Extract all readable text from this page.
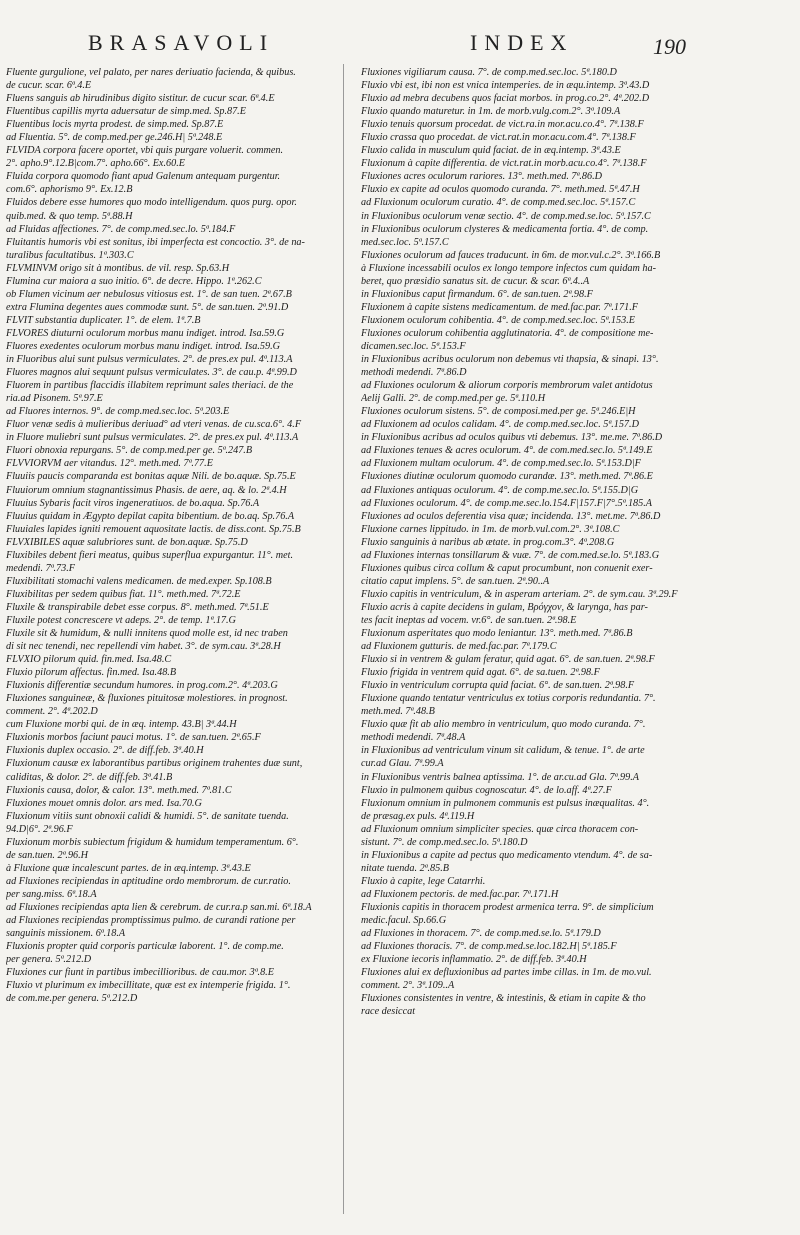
BRASAVOLI	INDEX	190
Fluente gurgulione, vel palato, per nares deriuatio facienda, & quibus.
de cucur. scar. 6ª.4.E
Fluens sanguis ab hirudinibus digito sistitur. de cucur scar. 6ª.4.E
Fluentibus capillis myrta aduersatur de simp.med. Sp.87.E
Fluentibus locis myrta prodest. de simp.med. Sp.87.E
ad Fluentia. 5°. de comp.med.per ge.246.H| 5ª.248.E
FLVIDA corpora facere oportet, vbi quis purgare voluerit. commen.
2°. apho.9°.12.B|com.7°. apho.66°. Ex.60.E
Fluida corpora quomodo fiant apud Galenum antequam purgentur.
com.6°. aphorismo 9°. Ex.12.B
Fluidos debere esse humores quo modo intelligendum. quos purg. opor.
quib.med. & quo temp. 5ª.88.H
ad Fluidas affectiones. 7°. de comp.med.sec.lo. 5ª.184.F
Fluitantis humoris vbi est sonitus, ibi imperfecta est concoctio. 3°. de na-
turalibus facultatibus. 1ª.303.C
FLVMINVM origo sit à montibus. de vil. resp. Sp.63.H
Flumina cur maiora a suo initio. 6°. de decre. Hippo. 1ª.262.C
ob Flumen vicinum aer nebulosus vitiosus est. 1°. de san tuen. 2ª.67.B
extra Flumina degentes aues commodæ sunt. 5°. de san.tuen. 2ª.91.D
FLVIT substantia duplicater. 1°. de elem. 1ª.7.B
FLVORES diuturni oculorum morbus manu indiget. introd. Isa.59.G
Fluores exedentes oculorum morbus manu indiget. introd. Isa.59.G
in Fluoribus alui sunt pulsus vermiculates. 2°. de pres.ex pul. 4ª.113.A
Fluores magnos alui sequunt pulsus vermiculates. 3°. de cau.p. 4ª.99.D
Fluorem in partibus flaccidis illabitem reprimunt sales theriaci. de the
ria.ad Pisonem. 5ª.97.E
ad Fluores internos. 9°. de comp.med.sec.loc. 5ª.203.E
Fluor venæ sedis à mulieribus deriuad° ad vteri venas. de cu.sca.6°. 4.F
in Fluore muliebri sunt pulsus vermiculates. 2°. de pres.ex pul. 4ª.113.A
Fluori obnoxia repurgans. 5°. de comp.med.per ge. 5ª.247.B
FLVVIORVM aer vitandus. 12°. meth.med. 7ª.77.E
Fluuiis paucis comparanda est bonitas aquæ Nili. de bo.aquæ. Sp.75.E
Fluuiorum omnium stagnantissimus Phasis. de aere, aq. & lo. 2ª.4.H
Fluuius Sybaris facit viros ingeneratiuos. de bo.aqua. Sp.76.A
Fluuius quidam in Ægypto depilat capita bibentium. de bo.aq. Sp.76.A
Fluuiales lapides igniti remouent aquositate lactis. de diss.cont. Sp.75.B
FLVXIBILES aquæ salubriores sunt. de bon.aquæ. Sp.75.D
Fluxibiles debent fieri meatus, quibus superflua expurgantur. 11°. met.
medendi. 7ª.73.F
Fluxibilitati stomachi valens medicamen. de med.exper. Sp.108.B
Fluxibilitas per sedem quibus fiat. 11°. meth.med. 7ª.72.E
Fluxile & transpirabile debet esse corpus. 8°. meth.med. 7ª.51.E
Fluxile potest concrescere vt adeps. 2°. de temp. 1ª.17.G
Fluxile sit & humidum, & nulli innitens quod molle est, id nec traben
di sit nec tenendi, nec repellendi vim habet. 3°. de sym.cau. 3ª.28.H
FLVXIO pilorum quid. fin.med. Isa.48.C
Fluxio pilorum affectus. fin.med. Isa.48.B
Fluxionis differentiæ secundum humores. in prog.com.2°. 4ª.203.G
Fluxiones sanguineæ, & fluxiones pituitosæ molestiores. in prognost.
comment. 2°. 4ª.202.D
cum Fluxione morbi qui. de in æq. intemp. 43.B| 3ª.44.H
Fluxionis morbos faciunt pauci motus. 1°. de san.tuen. 2ª.65.F
Fluxionis duplex occasio. 2°. de diff.feb. 3ª.40.H
Fluxionum causæ ex laborantibus partibus originem trahentes duæ sunt,
caliditas, & dolor. 2°. de diff.feb. 3ª.41.B
Fluxionis causa, dolor, & calor. 13°. meth.med. 7ª.81.C
Fluxiones mouet omnis dolor. ars med. Isa.70.G
Fluxionum vitiis sunt obnoxii calidi & humidi. 5°. de sanitate tuenda.
94.D|6°. 2ª.96.F
Fluxionum morbis subiectum frigidum & humidum temperamentum. 6°.
de san.tuen. 2ª.96.H
à Fluxione quæ incalescunt partes. de in æq.intemp. 3ª.43.E
ad Fluxiones recipiendas in aptitudine ordo membrorum. de cur.ratio.
per sang.miss. 6ª.18.A
ad Fluxiones recipiendas apta lien & cerebrum. de cur.ra.p san.mi. 6ª.18.A
ad Fluxiones recipiendas promptissimus pulmo. de curandi ratione per
sanguinis missionem. 6ª.18.A
Fluxionis propter quid corporis particulæ laborent. 1°. de comp.me.
per genera. 5ª.212.D
Fluxiones cur fiunt in partibus imbecillioribus. de cau.mor. 3ª.8.E
Fluxio vt plurimum ex imbecillitate, quæ est ex intemperie frigida. 1°.
de com.me.per genera. 5ª.212.D
Fluxiones vigiliarum causa. 7°. de comp.med.sec.loc. 5ª.180.D
Fluxio vbi est, ibi non est vnica intemperies. de in æqu.intemp. 3ª.43.D
Fluxio ad mebra decubens quos faciat morbos. in prog.co.2°. 4ª.202.D
Fluxio quando maturetur. in 1m. de morb.vulg.com.2°. 3ª.109.A
Fluxio tenuis quorsum procedat. de vict.ra.in mor.acu.co.4°. 7ª.138.F
Fluxio crassa quo procedat. de vict.rat.in mor.acu.com.4°. 7ª.138.F
Fluxio calida in musculum quid faciat. de in æq.intemp. 3ª.43.E
Fluxionum à capite differentia. de vict.rat.in morb.acu.co.4°. 7ª.138.F
Fluxiones acres oculorum rariores. 13°. meth.med. 7ª.86.D
Fluxio ex capite ad oculos quomodo curanda. 7°. meth.med. 5ª.47.H
ad Fluxionum oculorum curatio. 4°. de comp.med.sec.loc. 5ª.157.C
in Fluxionibus oculorum venæ sectio. 4°. de comp.med.se.loc. 5ª.157.C
in Fluxionibus oculorum clysteres & medicamenta fortia. 4°. de comp.
med.sec.loc. 5ª.157.C
Fluxiones oculorum ad fauces traducunt. in 6m. de mor.vul.c.2°. 3ª.166.B
à Fluxione incessabili oculos ex longo tempore infectos cum quidam ha-
beret, quo præsidio sanatus sit. de cucur. & scar. 6ª.4..A
in Fluxionibus caput firmandum. 6°. de san.tuen. 2ª.98.F
Fluxionem à capite sistens medicamentum. de med.fac.par. 7ª.171.F
Fluxionem oculorum cohibentia. 4°. de comp.med.sec.loc. 5ª.153.E
Fluxiones oculorum cohibentia agglutinatoria. 4°. de compositione me-
dicamen.sec.loc. 5ª.153.F
in Fluxionibus acribus oculorum non debemus vti thapsia, & sinapi. 13°.
methodi medendi. 7ª.86.D
ad Fluxiones oculorum & aliorum corporis membrorum valet antidotus
Aelij Galli. 2°. de comp.med.per ge. 5ª.110.H
Fluxiones oculorum sistens. 5°. de composi.med.per ge. 5ª.246.E|H
ad Fluxionem ad oculos calidam. 4°. de comp.med.sec.loc. 5ª.157.D
in Fluxionibus acribus ad oculos quibus vti debemus. 13°. me.me. 7ª.86.D
ad Fluxiones tenues & acres oculorum. 4°. de com.med.sec.lo. 5ª.149.E
ad Fluxionem multam oculorum. 4°. de comp.med.sec.lo. 5ª.153.D|F
Fluxiones diutinæ oculorum quomodo curandæ. 13°. meth.med. 7ª.86.E
ad Fluxiones antiquas oculorum. 4°. de comp.me.sec.lo. 5ª.155.D|G
ad Fluxiones oculorum. 4°. de comp.me.sec.lo.154.F|157.F|7°.5ª.185.A
Fluxiones ad oculos deferentia visa quæ; incidenda. 13°. met.me. 7ª.86.D
Fluxione carnes lippitudo. in 1m. de morb.vul.com.2°. 3ª.108.C
Fluxio sanguinis à naribus ab ætate. in prog.com.3°. 4ª.208.G
ad Fluxiones internas tonsillarum & vuæ. 7°. de com.med.se.lo. 5ª.183.G
Fluxiones quibus circa collum & caput procumbunt, non conuenit exer-
citatio caput implens. 5°. de san.tuen. 2ª.90..A
Fluxio capitis in ventriculum, & in asperam arteriam. 2°. de sym.cau. 3ª.29.F
Fluxio acris à capite decidens in gulam, Βρόγχον, & larynga, has par-
tes facit ineptas ad vocem. vr.6°. de san.tuen. 2ª.98.E
Fluxionum asperitates quo modo leniantur. 13°. meth.med. 7ª.86.B
ad Fluxionem gutturis. de med.fac.par. 7ª.179.C
Fluxio si in ventrem & gulam feratur, quid agat. 6°. de san.tuen. 2ª.98.F
Fluxio frigida in ventrem quid agat. 6°. de sa.tuen. 2ª.98.F
Fluxio in ventriculum corrupta quid faciat. 6°. de san.tuen. 2ª.98.F
Fluxione quando tentatur ventriculus ex totius corporis redundantia. 7°.
meth.med. 7ª.48.B
Fluxio quæ fit ab alio membro in ventriculum, quo modo curanda. 7°.
methodi medendi. 7ª.48.A
in Fluxionibus ad ventriculum vinum sit calidum, & tenue. 1°. de arte
cur.ad Glau. 7ª.99.A
in Fluxionibus ventris balnea aptissima. 1°. de ar.cu.ad Gla. 7ª.99.A
Fluxio in pulmonem quibus cognoscatur. 4°. de lo.aff. 4ª.27.F
Fluxionum omnium in pulmonem communis est pulsus inæqualitas. 4°.
de præsag.ex puls. 4ª.119.H
ad Fluxionum omnium simpliciter species. quæ circa thoracem con-
sistunt. 7°. de comp.med.sec.lo. 5ª.180.D
in Fluxionibus a capite ad pectus quo medicamento vtendum. 4°. de sa-
nitate tuenda. 2ª.85.B
Fluxio à capite, lege Catarrhi.
ad Fluxionem pectoris. de med.fac.par. 7ª.171.H
Fluxionis capitis in thoracem prodest armenica terra. 9°. de simplicium
medic.facul. Sp.66.G
ad Fluxiones in thoracem. 7°. de comp.med.se.lo. 5ª.179.D
ad Fluxiones thoracis. 7°. de comp.med.se.loc.182.H| 5ª.185.F
ex Fluxione iecoris inflammatio. 2°. de diff.feb. 3ª.40.H
Fluxiones alui ex defluxionibus ad partes imbe cillas. in 1m. de mo.vul.
comment. 2°. 3ª.109..A
Fluxiones consistentes in ventre, & intestinis, & etiam in capite & tho
race desiccat
